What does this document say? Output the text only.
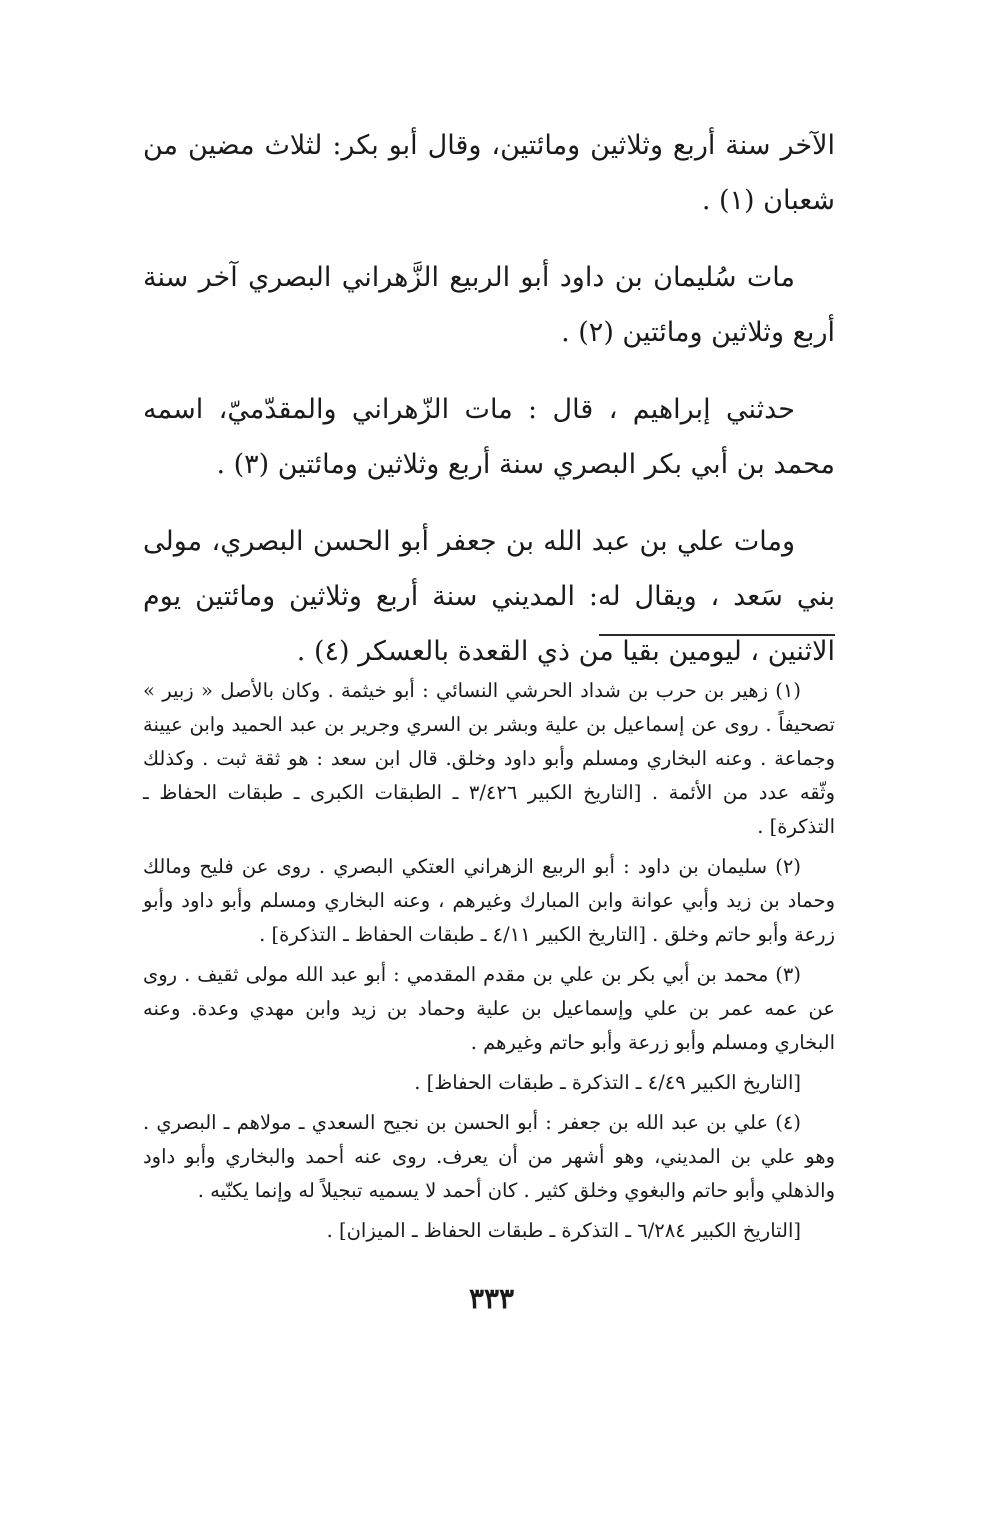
الآخر سنة أربع وثلاثين ومائتين، وقال أبو بكر: لثلاث مضين من شعبان (١) .

مات سُليمان بن داود أبو الربيع الزَّهراني البصري آخر سنة أربع وثلاثين ومائتين (٢) .

حدثني إبراهيم ، قال : مات الزّهراني والمقدّميّ، اسمه محمد بن أبي بكر البصري سنة أربع وثلاثين ومائتين (٣) .

ومات علي بن عبد الله بن جعفر أبو الحسن البصري، مولى بني سَعد ، ويقال له: المديني سنة أربع وثلاثين ومائتين يوم الاثنين ، ليومين بقيا من ذي القعدة بالعسكر (٤) .

(١) زهير بن حرب بن شداد الحرشي النسائي : أبو خيثمة . وكان بالأصل « زبير » تصحيفاً . روى عن إسماعيل بن علية وبشر بن السري وجرير بن عبد الحميد وابن عيينة وجماعة . وعنه البخاري ومسلم وأبو داود وخلق. قال ابن سعد : هو ثقة ثبت . وكذلك وثّقه عدد من الأئمة . [التاريخ الكبير ٣/٤٢٦ ـ الطبقات الكبرى ـ طبقات الحفاظ ـ التذكرة] .

(٢) سليمان بن داود : أبو الربيع الزهراني العتكي البصري . روى عن فليح ومالك وحماد بن زيد وأبي عوانة وابن المبارك وغيرهم ، وعنه البخاري ومسلم وأبو داود وأبو زرعة وأبو حاتم وخلق . [التاريخ الكبير ٤/١١ ـ طبقات الحفاظ ـ التذكرة] .

(٣) محمد بن أبي بكر بن علي بن مقدم المقدمي : أبو عبد الله مولى ثقيف . روى عن عمه عمر بن علي وإسماعيل بن علية وحماد بن زيد وابن مهدي وعدة. وعنه البخاري ومسلم وأبو زرعة وأبو حاتم وغيرهم .

[التاريخ الكبير ٤/٤٩ ـ التذكرة ـ طبقات الحفاظ] .

(٤) علي بن عبد الله بن جعفر : أبو الحسن بن نجيح السعدي ـ مولاهم ـ البصري . وهو علي بن المديني، وهو أشهر من أن يعرف. روى عنه أحمد والبخاري وأبو داود والذهلي وأبو حاتم والبغوي وخلق كثير . كان أحمد لا يسميه تبجيلاً له وإنما يكنّيه .

[التاريخ الكبير ٦/٢٨٤ ـ التذكرة ـ طبقات الحفاظ ـ الميزان] .

٣٣٣
